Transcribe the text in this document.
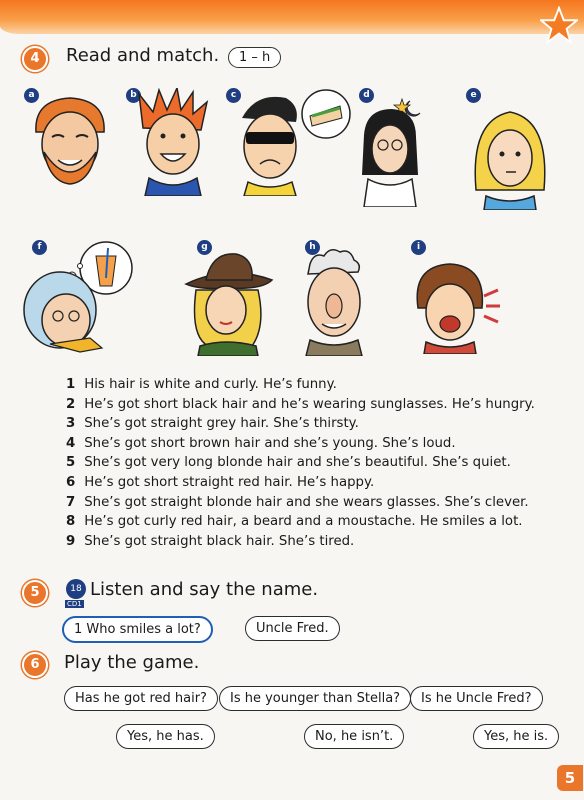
4	Read and match.	1 – h
a	b	c	d	e
f	g	h	i
1 His hair is white and curly. He’s funny.
2 He’s got short black hair and he’s wearing sunglasses. He’s hungry.
3 She’s got straight grey hair. She’s thirsty.
4 She’s got short brown hair and she’s young. She’s loud.
5 She’s got very long blonde hair and she’s beautiful. She’s quiet.
6 He’s got short straight red hair. He’s happy.
7 She’s got straight blonde hair and she wears glasses. She’s clever.
8 He’s got curly red hair, a beard and a moustache. He smiles a lot.
9 She’s got straight black hair. She’s tired.
5	18
CD1
Listen and say the name.
1 Who smiles a lot?	Uncle Fred.
6	Play the game.
Has he got red hair?	Is he younger than Stella?	Is he Uncle Fred?
Yes, he has.	No, he isn’t.	Yes, he is.
5
